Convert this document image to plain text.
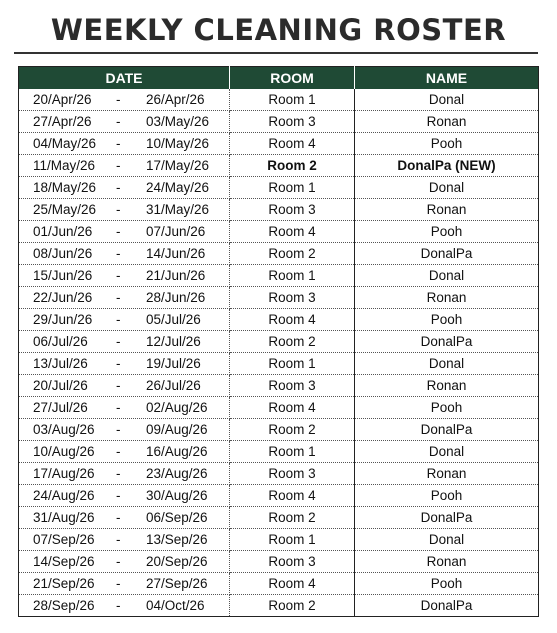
WEEKLY CLEANING ROSTER
DATE	ROOM	NAME

20/Apr/26 - 26/Apr/26	Room 1	Donal

27/Apr/26 - 03/May/26	Room 3	Ronan

04/May/26 - 10/May/26	Room 4	Pooh

11/May/26 - 17/May/26	Room 2	DonalPa (NEW)

18/May/26 - 24/May/26	Room 1	Donal

25/May/26 - 31/May/26	Room 3	Ronan

01/Jun/26 - 07/Jun/26	Room 4	Pooh

08/Jun/26 - 14/Jun/26	Room 2	DonalPa

15/Jun/26 - 21/Jun/26	Room 1	Donal

22/Jun/26 - 28/Jun/26	Room 3	Ronan

29/Jun/26 - 05/Jul/26	Room 4	Pooh

06/Jul/26 - 12/Jul/26	Room 2	DonalPa

13/Jul/26 - 19/Jul/26	Room 1	Donal

20/Jul/26 - 26/Jul/26	Room 3	Ronan

27/Jul/26 - 02/Aug/26	Room 4	Pooh

03/Aug/26 - 09/Aug/26	Room 2	DonalPa

10/Aug/26 - 16/Aug/26	Room 1	Donal

17/Aug/26 - 23/Aug/26	Room 3	Ronan

24/Aug/26 - 30/Aug/26	Room 4	Pooh

31/Aug/26 - 06/Sep/26	Room 2	DonalPa

07/Sep/26 - 13/Sep/26	Room 1	Donal

14/Sep/26 - 20/Sep/26	Room 3	Ronan

21/Sep/26 - 27/Sep/26	Room 4	Pooh

28/Sep/26 - 04/Oct/26	Room 2	DonalPa
